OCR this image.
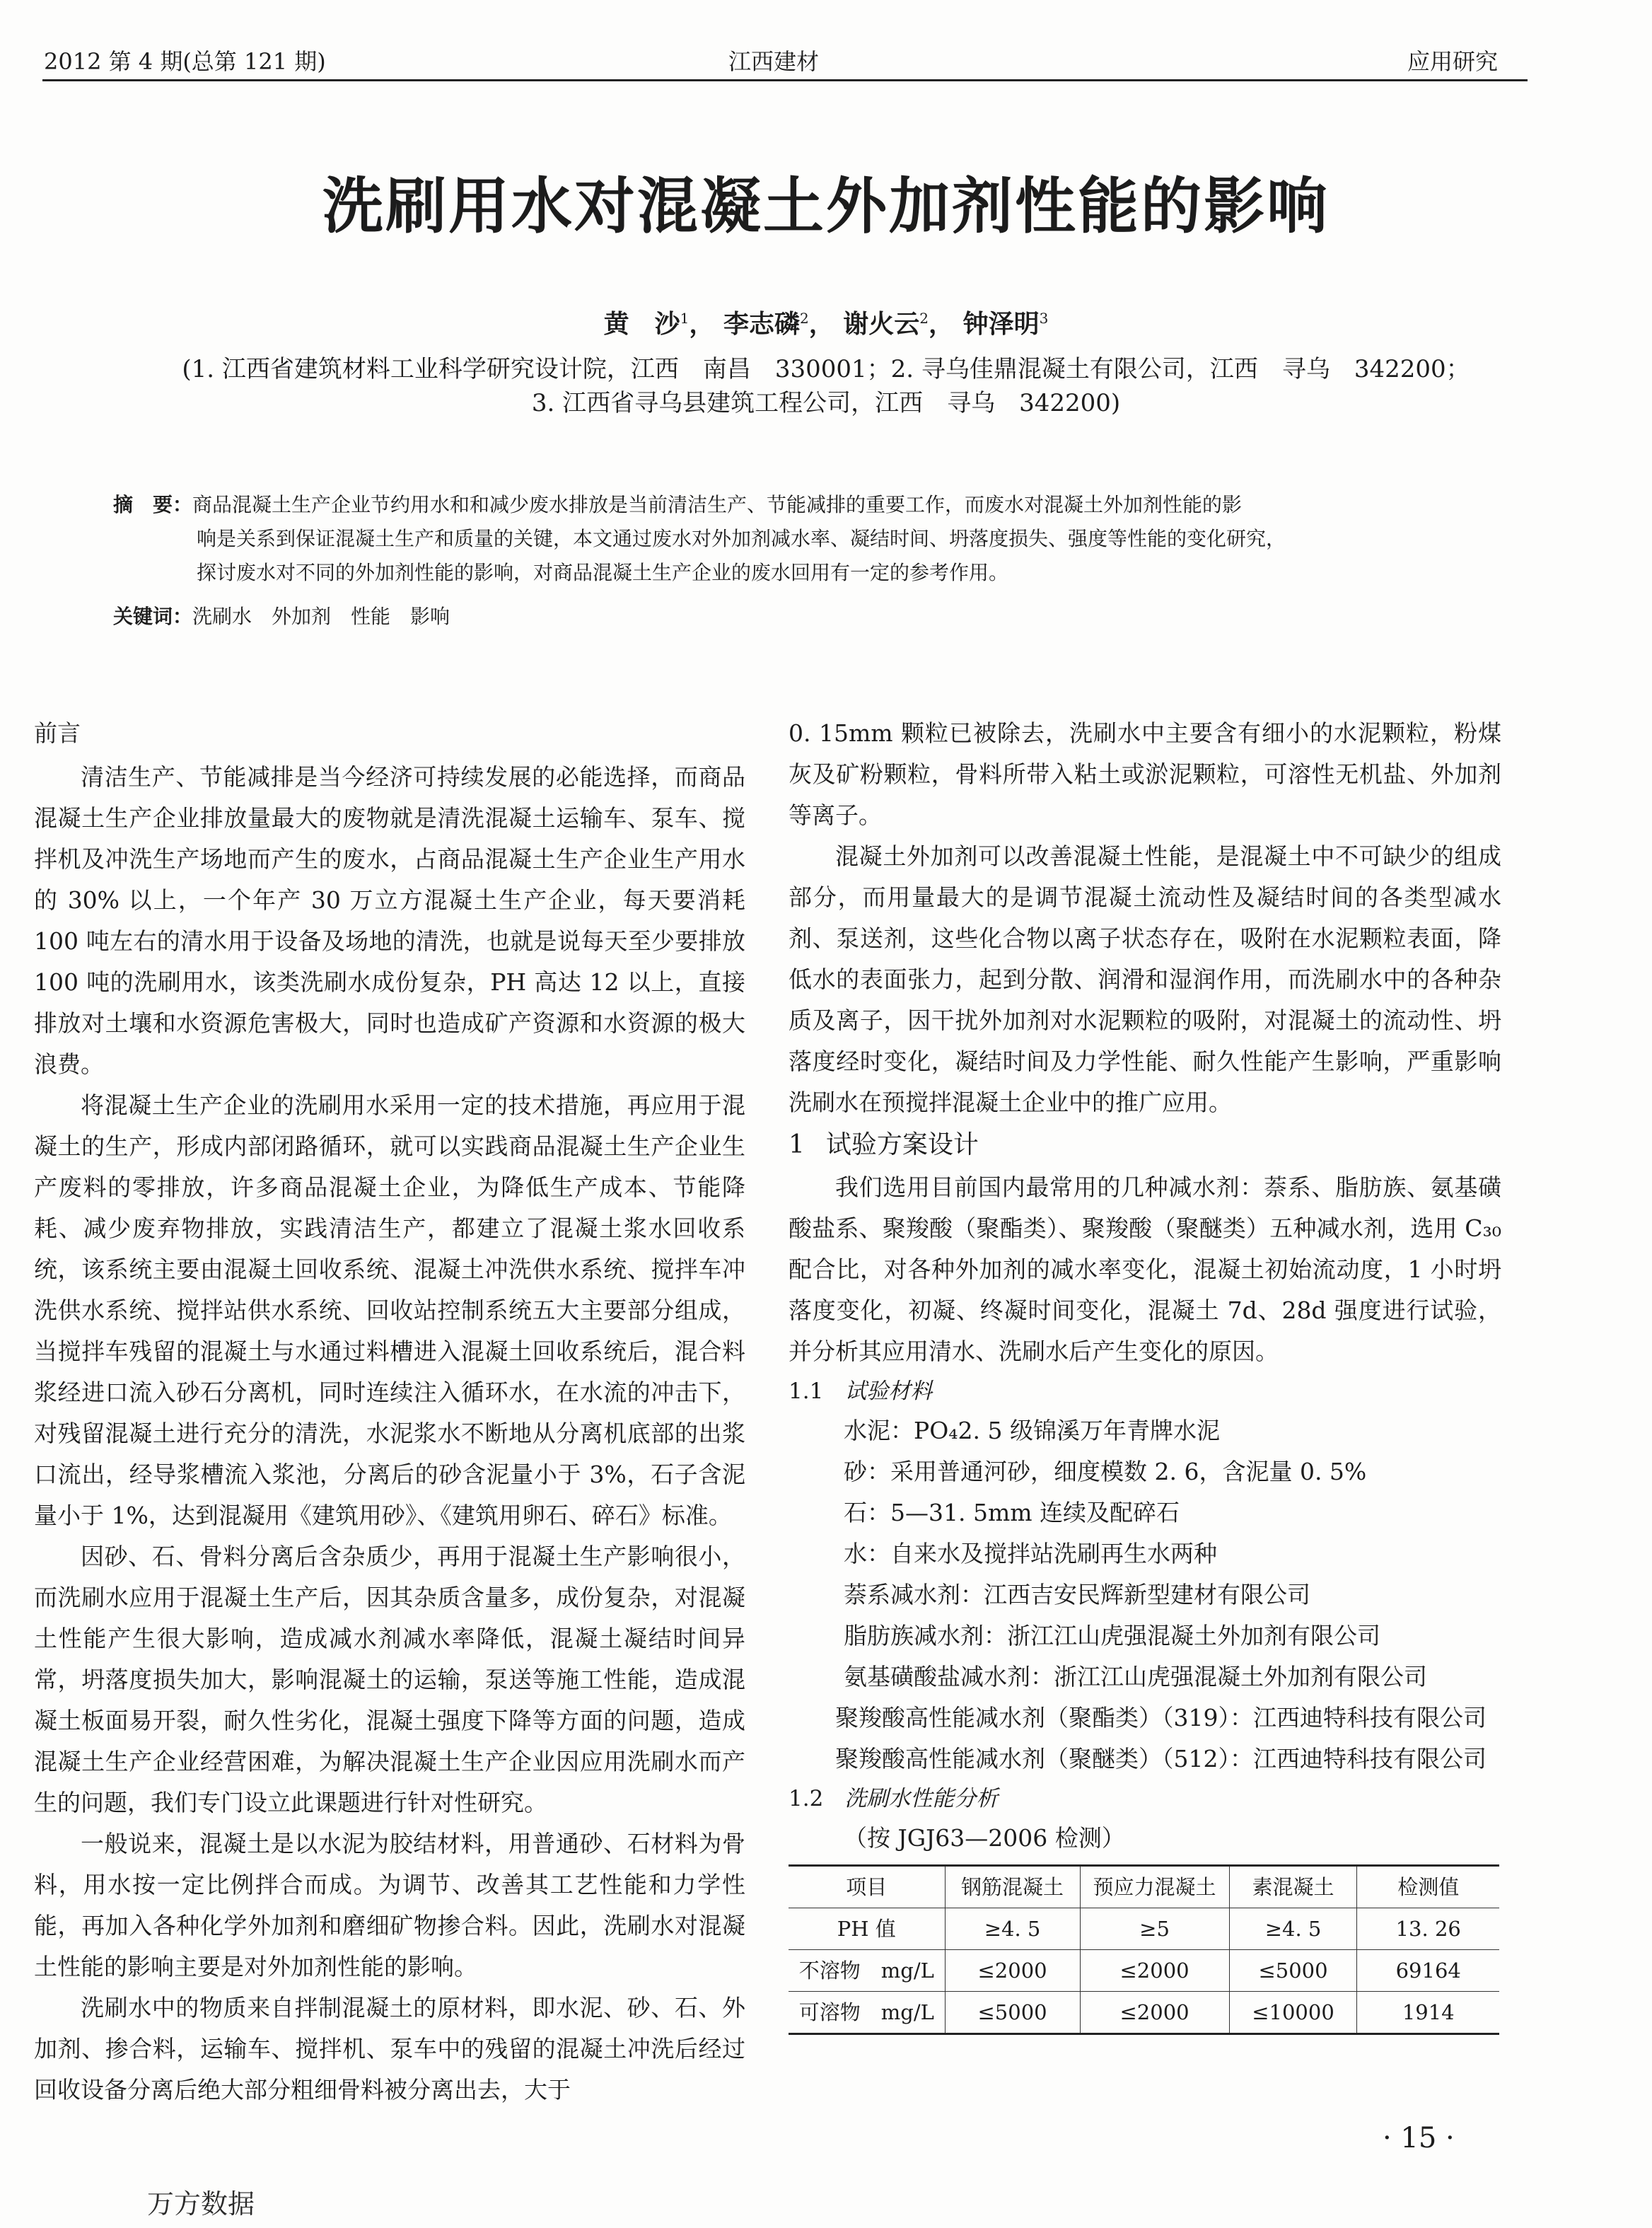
2012 第 4 期(总第 121 期)	江西建材	应用研究
洗刷用水对混凝土外加剂性能的影响
黄　沙$^1$， 李志磷$^2$， 谢火云$^2$， 钟泽明$^3$
(1. 江西省建筑材料工业科学研究设计院，江西　南昌　330001；2. 寻乌佳鼎混凝土有限公司，江西　寻乌　342200；
3. 江西省寻乌县建筑工程公司，江西　寻乌　342200)
摘　要：商品混凝土生产企业节约用水和和减少废水排放是当前清洁生产、节能减排的重要工作，而废水对混凝土外加剂性能的影
响是关系到保证混凝土生产和质量的关键，本文通过废水对外加剂减水率、凝结时间、坍落度损失、强度等性能的变化研究，
探讨废水对不同的外加剂性能的影响，对商品混凝土生产企业的废水回用有一定的参考作用。
关键词：洗刷水　外加剂　性能　影响
前言

清洁生产、节能减排是当今经济可持续发展的必能选择，而商品混凝土生产企业排放量最大的废物就是清洗混凝土运输车、泵车、搅拌机及冲洗生产场地而产生的废水，占商品混凝土生产企业生产用水的 30% 以上，一个年产 30 万立方混凝土生产企业，每天要消耗 100 吨左右的清水用于设备及场地的清洗，也就是说每天至少要排放 100 吨的洗刷用水，该类洗刷水成份复杂，PH 高达 12 以上，直接排放对土壤和水资源危害极大，同时也造成矿产资源和水资源的极大浪费。

将混凝土生产企业的洗刷用水采用一定的技术措施，再应用于混凝土的生产，形成内部闭路循环，就可以实践商品混凝土生产企业生产废料的零排放，许多商品混凝土企业，为降低生产成本、节能降耗、减少废弃物排放，实践清洁生产，都建立了混凝土浆水回收系统，该系统主要由混凝土回收系统、混凝土冲洗供水系统、搅拌车冲洗供水系统、搅拌站供水系统、回收站控制系统五大主要部分组成，当搅拌车残留的混凝土与水通过料槽进入混凝土回收系统后，混合料浆经进口流入砂石分离机，同时连续注入循环水，在水流的冲击下，对残留混凝土进行充分的清洗，水泥浆水不断地从分离机底部的出浆口流出，经导浆槽流入浆池，分离后的砂含泥量小于 3%，石子含泥量小于 1%，达到混凝用《建筑用砂》、《建筑用卵石、碎石》标准。

因砂、石、骨料分离后含杂质少，再用于混凝土生产影响很小，而洗刷水应用于混凝土生产后，因其杂质含量多，成份复杂，对混凝土性能产生很大影响，造成减水剂减水率降低，混凝土凝结时间异常，坍落度损失加大，影响混凝土的运输，泵送等施工性能，造成混凝土板面易开裂，耐久性劣化，混凝土强度下降等方面的问题，造成混凝土生产企业经营困难，为解决混凝土生产企业因应用洗刷水而产生的问题，我们专门设立此课题进行针对性研究。

一般说来，混凝土是以水泥为胶结材料，用普通砂、石材料为骨料，用水按一定比例拌合而成。为调节、改善其工艺性能和力学性能，再加入各种化学外加剂和磨细矿物掺合料。因此，洗刷水对混凝土性能的影响主要是对外加剂性能的影响。

洗刷水中的物质来自拌制混凝土的原材料，即水泥、砂、石、外加剂、掺合料，运输车、搅拌机、泵车中的残留的混凝土冲洗后经过回收设备分离后绝大部分粗细骨料被分离出去，大于

0. 15mm 颗粒已被除去，洗刷水中主要含有细小的水泥颗粒，粉煤灰及矿粉颗粒，骨料所带入粘土或淤泥颗粒，可溶性无机盐、外加剂等离子。

混凝土外加剂可以改善混凝土性能，是混凝土中不可缺少的组成部分，而用量最大的是调节混凝土流动性及凝结时间的各类型减水剂、泵送剂，这些化合物以离子状态存在，吸附在水泥颗粒表面，降低水的表面张力，起到分散、润滑和湿润作用，而洗刷水中的各种杂质及离子，因干扰外加剂对水泥颗粒的吸附，对混凝土的流动性、坍落度经时变化，凝结时间及力学性能、耐久性能产生影响，严重影响洗刷水在预搅拌混凝土企业中的推广应用。

1 试验方案设计

我们选用目前国内最常用的几种减水剂：萘系、脂肪族、氨基磺酸盐系、聚羧酸（聚酯类）、聚羧酸（聚醚类）五种减水剂，选用 C₃₀配合比，对各种外加剂的减水率变化，混凝土初始流动度，1 小时坍落度变化，初凝、终凝时间变化，混凝土 7d、28d 强度进行试验，并分析其应用清水、洗刷水后产生变化的原因。

1.1 试验材料

水泥：PO₄2. 5 级锦溪万年青牌水泥

砂：采用普通河砂，细度模数 2. 6，含泥量 0. 5%

石：5—31. 5mm 连续及配碎石

水：自来水及搅拌站洗刷再生水两种

萘系减水剂：江西吉安民辉新型建材有限公司

脂肪族减水剂：浙江江山虎强混凝土外加剂有限公司

氨基磺酸盐减水剂：浙江江山虎强混凝土外加剂有限公司

聚羧酸高性能减水剂（聚酯类）（319）：江西迪特科技有限公司

聚羧酸高性能减水剂（聚醚类）（512）：江西迪特科技有限公司

1.2 洗刷水性能分析

（按 JGJ63—2006 检测）

项目	钢筋混凝土	预应力混凝土	素混凝土	检测值
PH 值	≥4. 5	≥5	≥4. 5	13. 26
不溶物　mg/L	≤2000	≤2000	≤5000	69164
可溶物　mg/L	≤5000	≤2000	≤10000	1914
· 15 ·
万方数据
